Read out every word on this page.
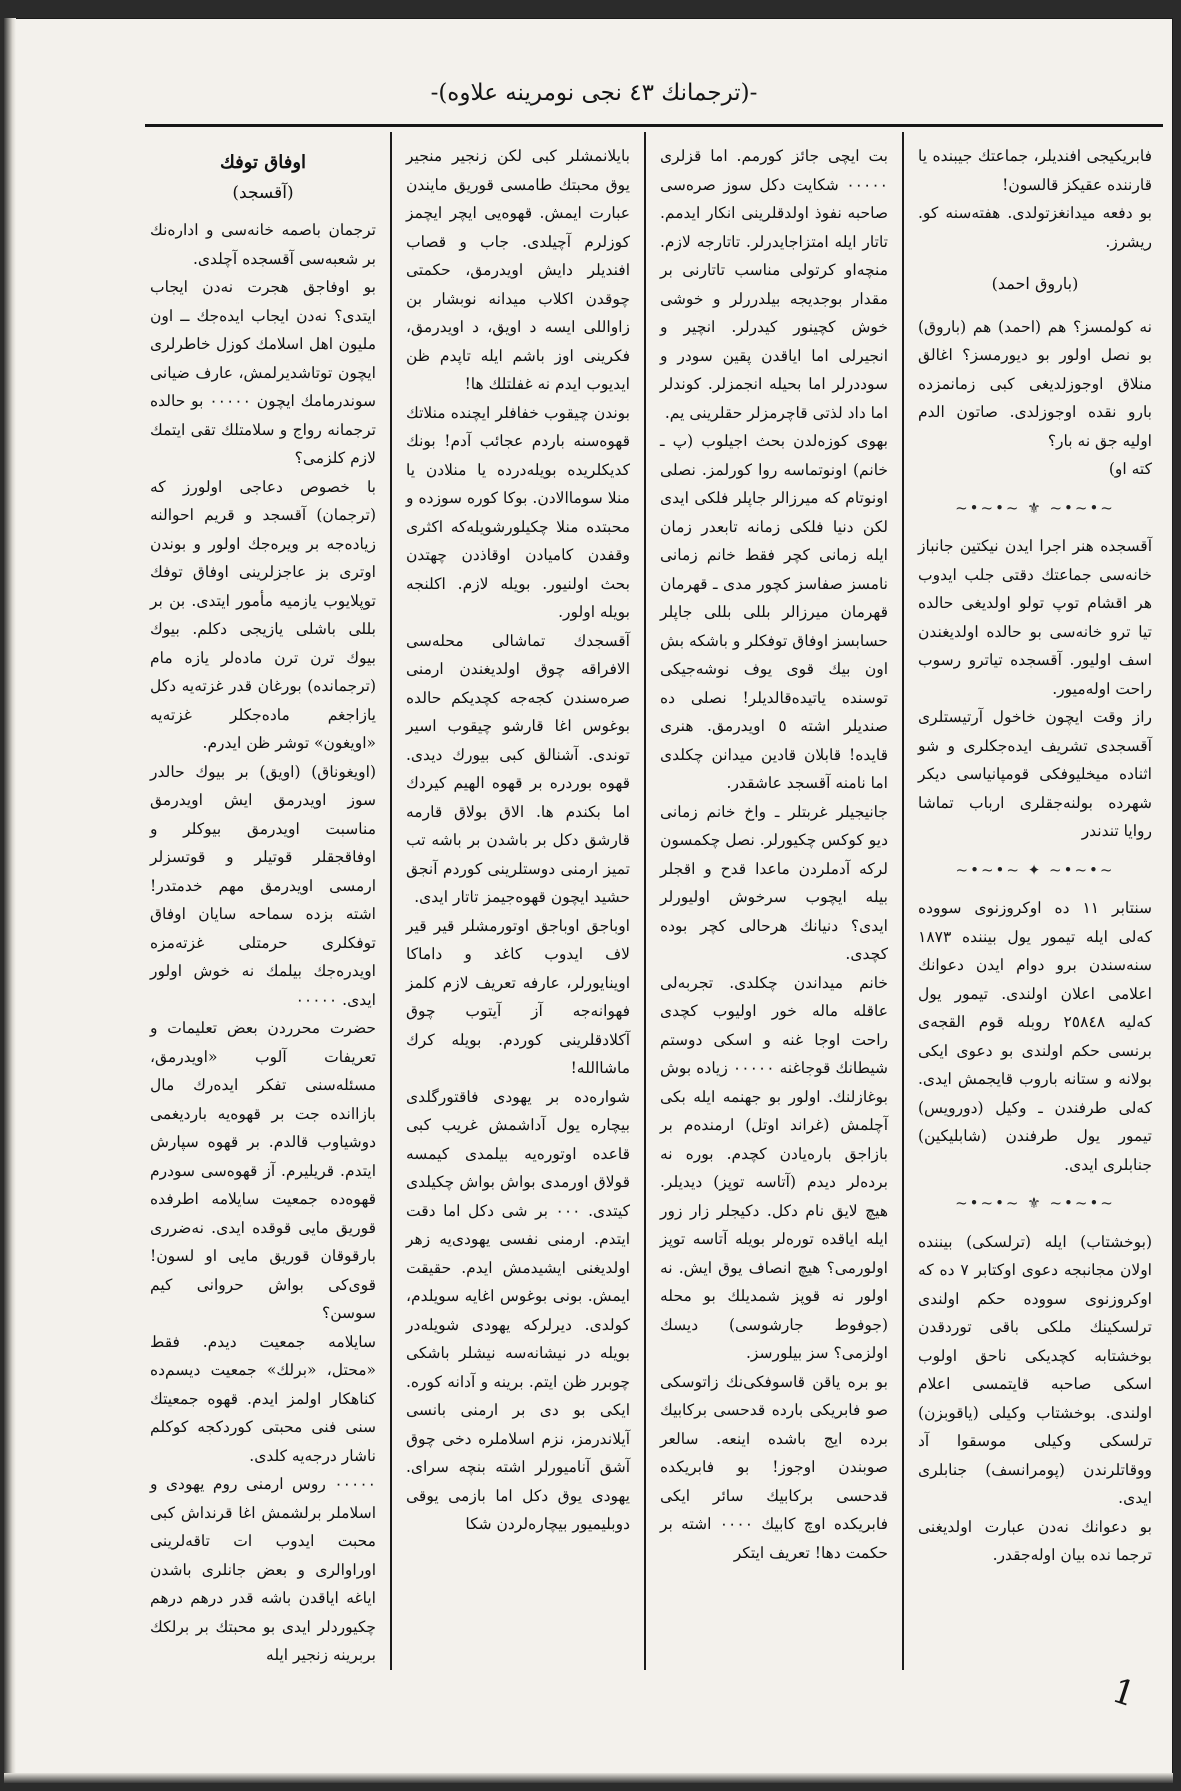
-(ترجمانك ٤٣ نجی نومرینه علاوه)-
اوفاق توفك
(آقسجد)

ترجمان باصمه خانه‌سی و اداره‌نك بر شعبه‌سی آقسجده آچلدی.

بو اوفاجق هجرت نه‌دن ایجاب ایتدی؟ نه‌دن ایجاب ایده‌جك ــ اون ملیون اهل اسلامك كوزل خاطرلری ایچون توتاشدیرلمش، عارف ضیانی سوندرمامك ایچون ٠٠٠٠٠ بو حالده ترجمانه رواج و سلامتلك تقی ایتمك لازم كلزمی؟

با خصوص دعاجی اولورز كه (ترجمان) آقسجد و قریم احوالنه زیاده‌جه بر ویره‌جك اولور و بوندن اوتری بز عاجزلرینی اوفاق توفك توپلایوب یازمیه مأمور ایتدی. بن بر بللی باشلی یازیجی دكلم. بیوك بیوك ترن ترن ماده‌لر یازه مام (ترجمانده) بورغان قدر غزته‌یه دكل یازاجغم ماده‌جكلر غزته‌یه «اویغون» توشر ظن ایدرم.

(اویغوناق) (اویق) بر بیوك حالدر سوز اویدرمق ایش اویدرمق مناسبت اویدرمق بیوكلر و اوفاقجقلر قوتیلر و قوتسزلر ارمسی اویدرمق مهم خدمتدر! اشته بزده سماحه سایان اوفاق توفكلری حرمتلی غزته‌مزه اویدره‌جك بیلمك نه خوش اولور ایدی. ٠٠٠٠٠

حضرت محرردن بعض تعلیمات و تعریفات آلوب «اویدرمق، مسئله‌سنی تفكر ایده‌رك مال بازاانده جت بر قهوه‌یه باردیغمی دوشیاوب قالدم. بر قهوه سپارش ایتدم. قریلیرم. آز قهوه‌سی سودرم قهوه‌ده جمعیت سایلامه اطرفده قوریق مایی قوقده ایدی. نه‌ضرری بارقوقان قوریق مایی او لسون! قوی‌كی بواش حروانی كیم سوسن؟

سایلامه جمعیت دیدم. فقط «محتل، «برلك» جمعیت دیسم‌ده كناهكار اولمز ایدم. قهوه جمعیتك سنی فنی محبتی كوردكجه كوكلم ناشار درجه‌یه كلدی.

٠٠٠٠٠ روس ارمنی روم یهودی و اسلاملر برلشمش اغا قرنداش كبی محبت ایدوب ات تاقه‌لرینی اوراوالری و بعض جانلری باشدن ایاغه ایاقدن باشه قدر درهم درهم چكیوردلر ایدی بو محبتك بر برلكك بربرینه زنجیر ایله

بایلانمشلر كبی لكن زنجیر منجیر یوق محبتك طامسی قوریق مایندن عبارت ایمش. قهوه‌یی ایچر ایچمز كوزلرم آچیلدی. جاب و قصاب افندیلر دایش اویدرمق، حكمتی چوقدن اكلاب میدانه نوبشار بن زاواللی ایسه د اویق، د اویدرمق، فكرینی اوز باشم ایله تاپدم ظن ایدیوب ایدم نه غفلتلك ها!

بوندن چیقوب خفافلر ایچنده منلاتك قهوه‌سنه باردم عجائب آدم! بونك كدیكلریده بویله‌درده یا منلادن یا منلا سوماالادن. بوكا كوره سوزده و محبتده منلا چكیلورشویله‌كه اكثری وقفدن كامیادن اوقاذدن چهتدن بحث اولنیور. بویله لازم. اكلنجه بویله اولور.

آقسجدك تماشالی محله‌سی الافراقه چوق اولدیغندن ارمنی صره‌سندن كجه‌جه كچدیكم حالده بوغوس اغا قارشو چیقوب اسیر توندی. آشنالق كبی بیورك دیدی. قهوه بوردره بر قهوه الهیم كیردك اما بكندم ها. الاق بولاق قارمه قارشق دكل بر باشدن بر باشه تب تمیز ارمنی دوستلرینی كوردم آنجق حشید ایچون قهوه‌جیمز تاتار ایدی.

اوباجق اوباجق اوتورمشلر قیر قیر لاف ایدوب كاغد و داماكا اوینایورلر، عارفه تعریف لازم كلمز فهوانه‌جه آز آیتوب چوق آكلادقلرینی كوردم. بویله كرك ماشاالله!

شواره‌ده بر یهودی فاقتورگلدی بیچاره یول آداشمش غریب كبی قاعده اوتوره‌یه بیلمدی كیمسه قولاق اورمدی بواش بواش چكیلدی كیتدی. ٠٠٠ بر شی دكل اما دقت ایتدم. ارمنی نفسی یهودی‌یه زهر اولدیغنی ایشیدمش ایدم. حقیقت ایمش. بونی بوغوس اغایه سویلدم، كولدی. دیرلركه یهودی شویله‌در بویله در نیشانه‌سه نیشلر باشكی چوبرر ظن ایتم. برینه و آدانه كوره. ایكی بو دی بر ارمنی بانسی آیلاندرمز، نزم اسلاملره دخی چوق آشق آنامیورلر اشته بنچه سرای. یهودی یوق دكل اما بازمی یوقی دوبلیمیور بیچاره‌لردن شكا

بت ایچی جائز كورمم. اما قزلری ٠٠٠٠٠ شكایت دكل سوز صره‌سی صاحبه نفوذ اولدقلرینی انكار ایدمم. تاتار ایله امتزاجایدرلر. تاتارجه لازم. منچه‌او كرتولی مناسب تاتارنی بر مقدار بوجدیجه بیلدررلر و خوشی خوش كچینور كیدرلر. انچیر و انجیرلی اما ایاقدن پقین سودر و سوددرلر اما بحیله انجمزلر. كوندلر اما داد لذتی قاچرمزلر حقلرینی یم.

بهوی كوزه‌لدن بحث اجیلوب (پ ـ خانم) اونوتماسه روا كورلمز. نصلی اونوتام كه میرزالر جاپلر فلكی ایدی لكن دنیا فلكی زمانه تابعدر زمان ایله زمانی كچر فقط خانم زمانی نامسز صفاسز كچور مدی ـ قهرمان قهرمان میرزالر بللی بللی جاپلر حسابسز اوفاق توفكلر و باشكه بش اون بیك قوی یوف نوشه‌جیكی توسنده یاتیده‌قالدیلر! نصلی ده صندیلر اشته ٥ اویدرمق. هنری قایده! قابلان قادین میدانن چكلدی اما نامنه آقسجد عاشقدر.

جانیجیلر غربتلر ـ واخ خانم زمانی دیو كوكس چكیورلر. نصل چكمسون لركه آدملردن ماعدا قدح و اقجلر بیله ایچوب سرخوش اولیورلر ایدی؟ دنیانك هرحالی كچر بوده كچدی.

خانم میداندن چكلدی. تجربه‌لی عاقله ماله خور اولیوب كچدی راحت اوجا غنه و اسكی دوستم شیطانك قوجاغنه ٠٠٠٠٠ زیاده بوش بوغازلنك. اولور بو جهنمه ایله بكی آچلمش (غراند اوتل) ارمنده‌م بر بازاجق باره‌یادن كچدم. بوره نه برده‌لر دیدم (آتاسه توپز) دیدیلر. هیچ لایق نام دكل. دكیجلر زار زور ایله ایاقده توره‌لر بویله آتاسه توپز اولورمی؟ هیچ انصاف یوق ایش. نه اولور نه قوپز شمدیلك بو محله (جوفوط جارشوسی) دیسك اولزمی؟ سز بیلورسز.

بو بره یاقن قاسوفكی‌نك زاتوسكی صو فابریكی‌ بارده قدحسی بركابیك برده ایج باشده اینعه. سالعر صوبندن اوجوز! بو فابریكده قدحسی بركابیك سائر ایكی فابریكده اوچ كابیك ٠٠٠٠ اشته بر حكمت دها! تعریف ایتكر

فابریكیجی افندیلر، جماعتك جیبنده یا قارننده عقیكز قالسون!

بو دفعه میدانغزتولدی. هفته‌سنه كو. ریشرز.

(باروق احمد)

نه كولمسز؟ هم (احمد) هم (باروق) بو نصل اولور بو دیورمسز؟ اغالق منلاق اوجوزلدیغی كبی زمانمزده بارو نقده اوجوزلدی. صاتون الدم اولیه جق نه بار؟

كته او)

~•~•~ ⚜ ~•~•~

آقسجده هنر اجرا ایدن نیكتین جانباز خانه‌سی جماعتك دقتی جلب ایدوب هر اقشام توپ تولو اولدیغی حالده تیا ترو خانه‌سی بو حالده اولدیغندن اسف اولیور. آقسجده تیاترو رسوب راحت اوله‌میور.

راز وقت ایچون خاخول آرتیستلری آقسجدی تشریف ایده‌جكلری و شو اثناده میخلیوفكی قومپانیاسی دیكر شهرده بولنه‌جقلری ارباب تماشا روایا تندندر

~•~•~ ✦ ~•~•~

سنتابر ١١ ده اوكروزنوی سووده كه‌لی ایله تیمور یول بیننده ١٨٧٣ سنه‌سندن برو دوام ایدن دعوانك اعلامی اعلان اولندی. تیمور یول كه‌لیه ٢٥٨٤٨ روبله قوم القجه‌ی برنسی حكم اولندی بو دعوی ایكی بولانه و ستانه باروب قایجمش ایدی. كه‌لی طرفندن ـ وكیل (دورویس) تیمور یول طرفندن (شابلیكین) جنابلری ایدی.

~•~•~ ⚜ ~•~•~

(بوخشتاب) ایله (ترلسكی) بیننده اولان مجانبجه دعوی اوكتابر ٧ ده كه اوكروزنوی سووده حكم اولندی ترلسكینك ملكی باقی توردقدن بوخشتابه كچدیكی ناحق اولوب اسكی صاحبه قایتمسی اعلام اولندی. بوخشتاب وكیلی (یاقوبزن) ترلسكی وكیلی موسقوا آد ووقاتلرندن (پومرانسف) جنابلری ایدی.

بو دعوانك نه‌دن عبارت اولدیغنی ترجما نده بیان اوله‌جقدر.

1
